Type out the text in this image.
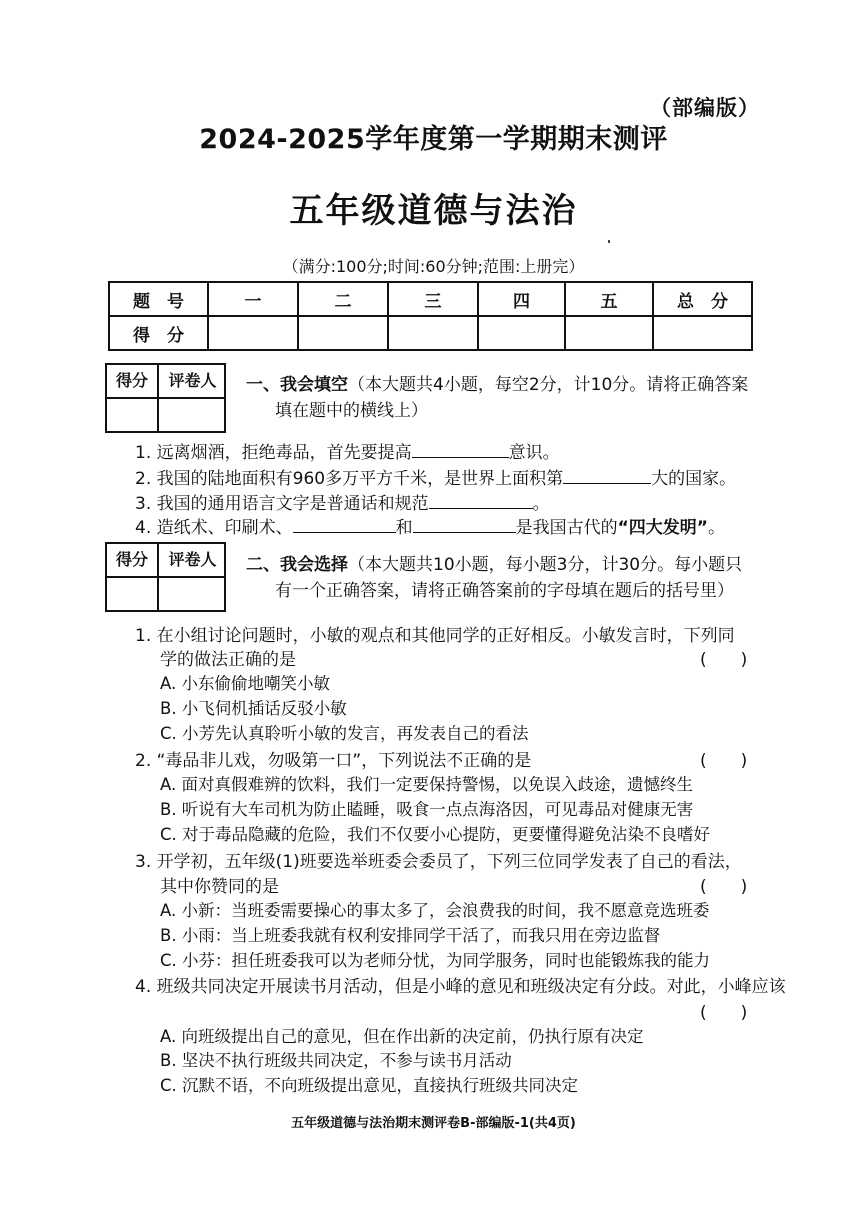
（部编版）
2024-2025学年度第一学期期末测评
五年级道德与法治
（满分:100分;时间:60分钟;范围:上册完）
题　号	一	二	三	四	五	总　分
得　分						
得分	评卷人	一、我会填空（本大题共4小题，每空2分，计10分。请将正确答案
填在题中的横线上）
1. 远离烟酒，拒绝毒品，首先要提高	意识。
2. 我国的陆地面积有960多万平方千米，是世界上面积第	大的国家。
3. 我国的通用语言文字是普通话和规范	。
4. 造纸术、印刷术、	和	是我国古代的“四大发明”。
得分	评卷人	二、我会选择（本大题共10小题，每小题3分，计30分。每小题只
有一个正确答案，请将正确答案前的字母填在题后的括号里）
1. 在小组讨论问题时，小敏的观点和其他同学的正好相反。小敏发言时，下列同
学的做法正确的是	(　　)
A. 小东偷偷地嘲笑小敏
B. 小飞伺机插话反驳小敏
C. 小芳先认真聆听小敏的发言，再发表自己的看法
2. “毒品非儿戏，勿吸第一口”，下列说法不正确的是	(　　)
A. 面对真假难辨的饮料，我们一定要保持警惕，以免误入歧途，遗憾终生
B. 听说有大车司机为防止瞌睡，吸食一点点海洛因，可见毒品对健康无害
C. 对于毒品隐藏的危险，我们不仅要小心提防，更要懂得避免沾染不良嗜好
3. 开学初，五年级(1)班要选举班委会委员了，下列三位同学发表了自己的看法，
其中你赞同的是	(　　)
A. 小新：当班委需要操心的事太多了，会浪费我的时间，我不愿意竞选班委
B. 小雨：当上班委我就有权利安排同学干活了，而我只用在旁边监督
C. 小芬：担任班委我可以为老师分忧，为同学服务，同时也能锻炼我的能力
4. 班级共同决定开展读书月活动，但是小峰的意见和班级决定有分歧。对此，小峰应该
(　　)
A. 向班级提出自己的意见，但在作出新的决定前，仍执行原有决定
B. 坚决不执行班级共同决定，不参与读书月活动
C. 沉默不语，不向班级提出意见，直接执行班级共同决定
五年级道德与法治期末测评卷B-部编版-1(共4页)
